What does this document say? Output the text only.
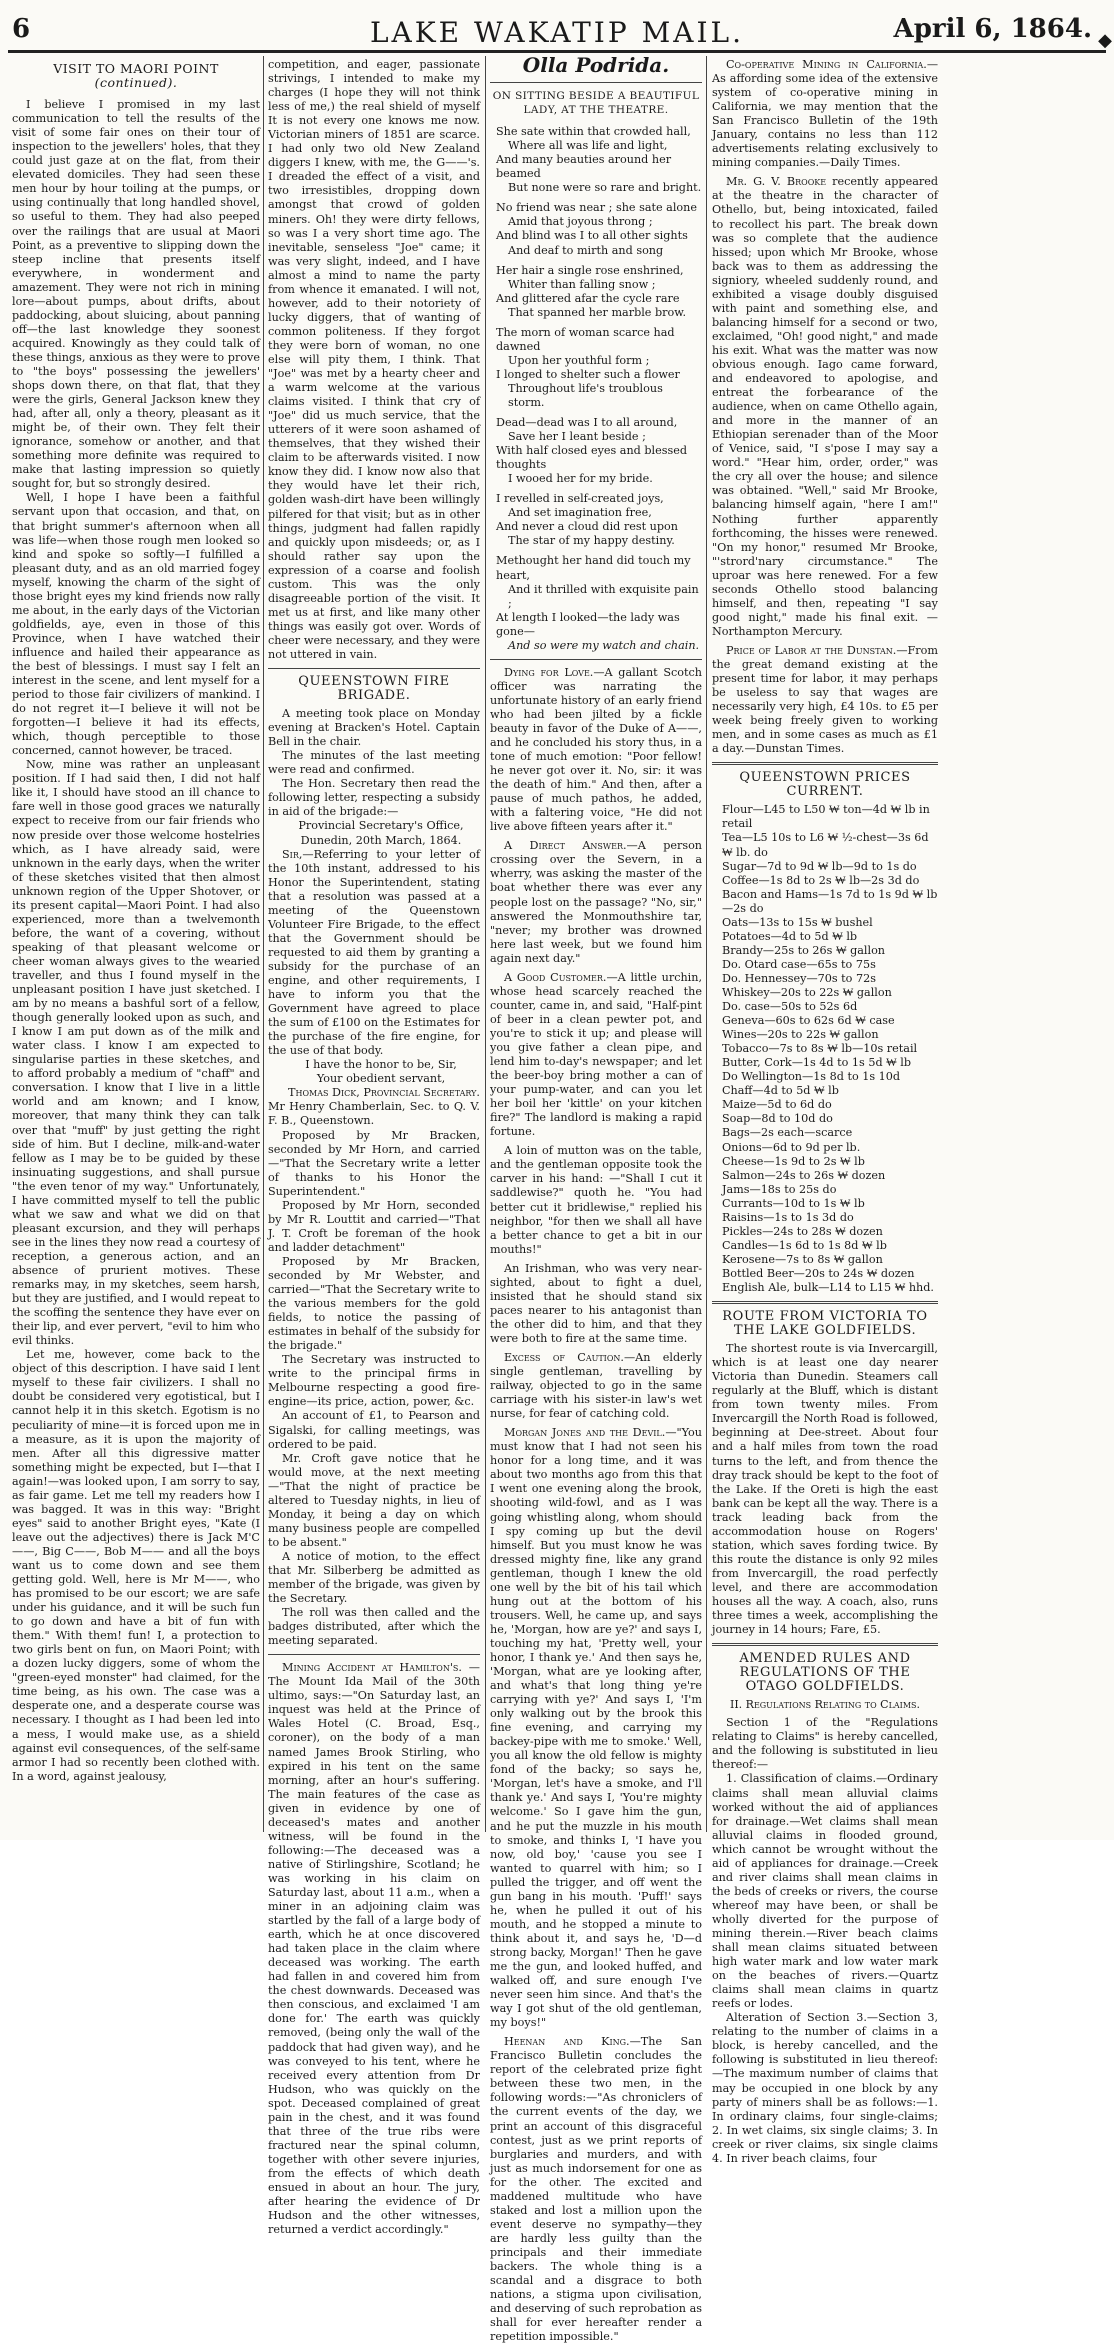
6	LAKE WAKATIP MAIL.	April 6, 1864.
VISIT TO MAORI POINT (continued).

I believe I promised in my last communication to tell the results of the visit of some fair ones on their tour of inspection to the jewellers' holes, that they could just gaze at on the flat, from their elevated domiciles. They had seen these men hour by hour toiling at the pumps, or using continually that long handled shovel, so useful to them. They had also peeped over the railings that are usual at Maori Point, as a preventive to slipping down the steep incline that presents itself everywhere, in wonderment and amazement. They were not rich in mining lore—about pumps, about drifts, about paddocking, about sluicing, about panning off—the last knowledge they soonest acquired. Knowingly as they could talk of these things, anxious as they were to prove to "the boys" possessing the jewellers' shops down there, on that flat, that they were the girls, General Jackson knew they had, after all, only a theory, pleasant as it might be, of their own. They felt their ignorance, somehow or another, and that something more definite was required to make that lasting impression so quietly sought for, but so strongly desired.

Well, I hope I have been a faithful servant upon that occasion, and that, on that bright summer's afternoon when all was life—when those rough men looked so kind and spoke so softly—I fulfilled a pleasant duty, and as an old married fogey myself, knowing the charm of the sight of those bright eyes my kind friends now rally me about, in the early days of the Victorian goldfields, aye, even in those of this Province, when I have watched their influence and hailed their appearance as the best of blessings. I must say I felt an interest in the scene, and lent myself for a period to those fair civilizers of mankind. I do not regret it—I believe it will not be forgotten—I believe it had its effects, which, though perceptible to those concerned, cannot however, be traced.

Now, mine was rather an unpleasant position. If I had said then, I did not half like it, I should have stood an ill chance to fare well in those good graces we naturally expect to receive from our fair friends who now preside over those welcome hostelries which, as I have already said, were unknown in the early days, when the writer of these sketches visited that then almost unknown region of the Upper Shotover, or its present capital—Maori Point. I had also experienced, more than a twelvemonth before, the want of a covering, without speaking of that pleasant welcome or cheer woman always gives to the wearied traveller, and thus I found myself in the unpleasant position I have just sketched. I am by no means a bashful sort of a fellow, though generally looked upon as such, and I know I am put down as of the milk and water class. I know I am expected to singularise parties in these sketches, and to afford probably a medium of "chaff" and conversation. I know that I live in a little world and am known; and I know, moreover, that many think they can talk over that "muff" by just getting the right side of him. But I decline, milk-and-water fellow as I may be to be guided by these insinuating suggestions, and shall pursue "the even tenor of my way." Unfortunately, I have committed myself to tell the public what we saw and what we did on that pleasant excursion, and they will perhaps see in the lines they now read a courtesy of reception, a generous action, and an absence of prurient motives. These remarks may, in my sketches, seem harsh, but they are justified, and I would repeat to the scoffing the sentence they have ever on their lip, and ever pervert, "evil to him who evil thinks.

Let me, however, come back to the object of this description. I have said I lent myself to these fair civilizers. I shall no doubt be considered very egotistical, but I cannot help it in this sketch. Egotism is no peculiarity of mine—it is forced upon me in a measure, as it is upon the majority of men. After all this digressive matter something might be expected, but I—that I again!—was looked upon, I am sorry to say, as fair game. Let me tell my readers how I was bagged. It was in this way: "Bright eyes" said to another Bright eyes, "Kate (I leave out the adjectives) there is Jack M'C——, Big C——, Bob M—— and all the boys want us to come down and see them getting gold. Well, here is Mr M——, who has promised to be our escort; we are safe under his guidance, and it will be such fun to go down and have a bit of fun with them." With them! fun! I, a protection to two girls bent on fun, on Maori Point; with a dozen lucky diggers, some of whom the "green-eyed monster" had claimed, for the time being, as his own. The case was a desperate one, and a desperate course was necessary. I thought as I had been led into a mess, I would make use, as a shield against evil consequences, of the self-same armor I had so recently been clothed with. In a word, against jealousy,

competition, and eager, passionate strivings, I intended to make my charges (I hope they will not think less of me,) the real shield of myself It is not every one knows me now. Victorian miners of 1851 are scarce. I had only two old New Zealand diggers I knew, with me, the G——'s. I dreaded the effect of a visit, and two irresistibles, dropping down amongst that crowd of golden miners. Oh! they were dirty fellows, so was I a very short time ago. The inevitable, senseless "Joe" came; it was very slight, indeed, and I have almost a mind to name the party from whence it emanated. I will not, however, add to their notoriety of lucky diggers, that of wanting of common politeness. If they forgot they were born of woman, no one else will pity them, I think. That "Joe" was met by a hearty cheer and a warm welcome at the various claims visited. I think that cry of "Joe" did us much service, that the utterers of it were soon ashamed of themselves, that they wished their claim to be afterwards visited. I now know they did. I know now also that they would have let their rich, golden wash-dirt have been willingly pilfered for that visit; but as in other things, judgment had fallen rapidly and quickly upon misdeeds; or, as I should rather say upon the expression of a coarse and foolish custom. This was the only disagreeable portion of the visit. It met us at first, and like many other things was easily got over. Words of cheer were necessary, and they were not uttered in vain.

QUEENSTOWN FIRE BRIGADE.

A meeting took place on Monday evening at Bracken's Hotel. Captain Bell in the chair.

The minutes of the last meeting were read and confirmed.

The Hon. Secretary then read the following letter, respecting a subsidy in aid of the brigade:—

Provincial Secretary's Office,

Dunedin, 20th March, 1864.

Sir,—Referring to your letter of the 10th instant, addressed to his Honor the Superintendent, stating that a resolution was passed at a meeting of the Queenstown Volunteer Fire Brigade, to the effect that the Government should be requested to aid them by granting a subsidy for the purchase of an engine, and other requirements, I have to inform you that the Government have agreed to place the sum of £100 on the Estimates for the purchase of the fire engine, for the use of that body.

I have the honor to be, Sir,

Your obedient servant,

Thomas Dick, Provincial Secretary.

Mr Henry Chamberlain, Sec. to Q. V. F. B., Queenstown.

Proposed by Mr Bracken, seconded by Mr Horn, and carried—"That the Secretary write a letter of thanks to his Honor the Superintendent."

Proposed by Mr Horn, seconded by Mr R. Louttit and carried—"That J. T. Croft be foreman of the hook and ladder detachment"

Proposed by Mr Bracken, seconded by Mr Webster, and carried—"That the Secretary write to the various members for the gold fields, to notice the passing of estimates in behalf of the subsidy for the brigade."

The Secretary was instructed to write to the principal firms in Melbourne respecting a good fire-engine—its price, action, power, &c.

An account of £1, to Pearson and Sigalski, for calling meetings, was ordered to be paid.

Mr. Croft gave notice that he would move, at the next meeting—"That the night of practice be altered to Tuesday nights, in lieu of Monday, it being a day on which many business people are compelled to be absent."

A notice of motion, to the effect that Mr. Silberberg be admitted as member of the brigade, was given by the Secretary.

The roll was then called and the badges distributed, after which the meeting separated.

Mining Accident at Hamilton's. — The Mount Ida Mail of the 30th ultimo, says:—"On Saturday last, an inquest was held at the Prince of Wales Hotel (C. Broad, Esq., coroner), on the body of a man named James Brook Stirling, who expired in his tent on the same morning, after an hour's suffering. The main features of the case as given in evidence by one of deceased's mates and another witness, will be found in the following:—The deceased was a native of Stirlingshire, Scotland; he was working in his claim on Saturday last, about 11 a.m., when a miner in an adjoining claim was startled by the fall of a large body of earth, which he at once discovered had taken place in the claim where deceased was working. The earth had fallen in and covered him from the chest downwards. Deceased was then conscious, and exclaimed 'I am done for.' The earth was quickly removed, (being only the wall of the paddock that had given way), and he was conveyed to his tent, where he received every attention from Dr Hudson, who was quickly on the spot. Deceased complained of great pain in the chest, and it was found that three of the true ribs were fractured near the spinal column, together with other severe injuries, from the effects of which death ensued in about an hour. The jury, after hearing the evidence of Dr Hudson and the other witnesses, returned a verdict accordingly."

Olla Podrida.
ON SITTING BESIDE A BEAUTIFUL LADY, AT THE THEATRE.

She sate within that crowded hall,

Where all was life and light,

And many beauties around her beamed

But none were so rare and bright.

No friend was near ; she sate alone

Amid that joyous throng ;

And blind was I to all other sights

And deaf to mirth and song

Her hair a single rose enshrined,

Whiter than falling snow ;

And glittered afar the cycle rare

That spanned her marble brow.

The morn of woman scarce had dawned

Upon her youthful form ;

I longed to shelter such a flower

Throughout life's troublous storm.

Dead—dead was I to all around,

Save her I leant beside ;

With half closed eyes and blessed thoughts

I wooed her for my bride.

I revelled in self-created joys,

And set imagination free,

And never a cloud did rest upon

The star of my happy destiny.

Methought her hand did touch my heart,

And it thrilled with exquisite pain ;

At length I looked—the lady was gone—

And so were my watch and chain.

Dying for Love.—A gallant Scotch officer was narrating the unfortunate history of an early friend who had been jilted by a fickle beauty in favor of the Duke of A——, and he concluded his story thus, in a tone of much emotion: "Poor fellow! he never got over it. No, sir: it was the death of him." And then, after a pause of much pathos, he added, with a faltering voice, "He did not live above fifteen years after it."

A Direct Answer.—A person crossing over the Severn, in a wherry, was asking the master of the boat whether there was ever any people lost on the passage? "No, sir," answered the Monmouthshire tar, "never; my brother was drowned here last week, but we found him again next day."

A Good Customer.—A little urchin, whose head scarcely reached the counter, came in, and said, "Half-pint of beer in a clean pewter pot, and you're to stick it up; and please will you give father a clean pipe, and lend him to-day's newspaper; and let the beer-boy bring mother a can of your pump-water, and can you let her boil her 'kittle' on your kitchen fire?" The landlord is making a rapid fortune.

A loin of mutton was on the table, and the gentleman opposite took the carver in his hand: —"Shall I cut it saddlewise?" quoth he. "You had better cut it bridlewise," replied his neighbor, "for then we shall all have a better chance to get a bit in our mouths!"

An Irishman, who was very near-sighted, about to fight a duel, insisted that he should stand six paces nearer to his antagonist than the other did to him, and that they were both to fire at the same time.

Excess of Caution.—An elderly single gentleman, travelling by railway, objected to go in the same carriage with his sister-in law's wet nurse, for fear of catching cold.

Morgan Jones and the Devil.—"You must know that I had not seen his honor for a long time, and it was about two months ago from this that I went one evening along the brook, shooting wild-fowl, and as I was going whistling along, whom should I spy coming up but the devil himself. But you must know he was dressed mighty fine, like any grand gentleman, though I knew the old one well by the bit of his tail which hung out at the bottom of his trousers. Well, he came up, and says he, 'Morgan, how are ye?' and says I, touching my hat, 'Pretty well, your honor, I thank ye.' And then says he, 'Morgan, what are ye looking after, and what's that long thing ye're carrying with ye?' And says I, 'I'm only walking out by the brook this fine evening, and carrying my backey-pipe with me to smoke.' Well, you all know the old fellow is mighty fond of the backy; so says he, 'Morgan, let's have a smoke, and I'll thank ye.' And says I, 'You're mighty welcome.' So I gave him the gun, and he put the muzzle in his mouth to smoke, and thinks I, 'I have you now, old boy,' 'cause you see I wanted to quarrel with him; so I pulled the trigger, and off went the gun bang in his mouth. 'Puff!' says he, when he pulled it out of his mouth, and he stopped a minute to think about it, and says he, 'D—d strong backy, Morgan!' Then he gave me the gun, and looked huffed, and walked off, and sure enough I've never seen him since. And that's the way I got shut of the old gentleman, my boys!"

Heenan and King.—The San Francisco Bulletin concludes the report of the celebrated prize fight between these two men, in the following words:—"As chroniclers of the current events of the day, we print an account of this disgraceful contest, just as we print reports of burglaries and murders, and with just as much indorsement for one as for the other. The excited and maddened multitude who have staked and lost a million upon the event deserve no sympathy—they are hardly less guilty than the principals and their immediate backers. The whole thing is a scandal and a disgrace to both nations, a stigma upon civilisation, and deserving of such reprobation as shall for ever hereafter render a repetition impossible."

Co-operative Mining in California.—As affording some idea of the extensive system of co-operative mining in California, we may mention that the San Francisco Bulletin of the 19th January, contains no less than 112 advertisements relating exclusively to mining companies.—Daily Times.

Mr. G. V. Brooke recently appeared at the theatre in the character of Othello, but, being intoxicated, failed to recollect his part. The break down was so complete that the audience hissed; upon which Mr Brooke, whose back was to them as addressing the signiory, wheeled suddenly round, and exhibited a visage doubly disguised with paint and something else, and balancing himself for a second or two, exclaimed, "Oh! good night," and made his exit. What was the matter was now obvious enough. Iago came forward, and endeavored to apologise, and entreat the forbearance of the audience, when on came Othello again, and more in the manner of an Ethiopian serenader than of the Moor of Venice, said, "I s'pose I may say a word." "Hear him, order, order," was the cry all over the house; and silence was obtained. "Well," said Mr Brooke, balancing himself again, "here I am!" Nothing further apparently forthcoming, the hisses were renewed. "On my honor," resumed Mr Brooke, "'strord'nary circumstance." The uproar was here renewed. For a few seconds Othello stood balancing himself, and then, repeating "I say good night," made his final exit. —Northampton Mercury.

Price of Labor at the Dunstan.—From the great demand existing at the present time for labor, it may perhaps be useless to say that wages are necessarily very high, £4 10s. to £5 per week being freely given to working men, and in some cases as much as £1 a day.—Dunstan Times.

QUEENSTOWN PRICES CURRENT.

Flour—L45 to L50 ₩ ton—4d ₩ lb in retail

Tea—L5 10s to L6 ₩ ½-chest—3s 6d ₩ lb. do

Sugar—7d to 9d ₩ lb—9d to 1s do

Coffee—1s 8d to 2s ₩ lb—2s 3d do

Bacon and Hams—1s 7d to 1s 9d ₩ lb—2s do

Oats—13s to 15s ₩ bushel

Potatoes—4d to 5d ₩ lb

Brandy—25s to 26s ₩ gallon

Do. Otard case—65s to 75s

Do. Hennessey—70s to 72s

Whiskey—20s to 22s ₩ gallon

Do. case—50s to 52s 6d

Geneva—60s to 62s 6d ₩ case

Wines—20s to 22s ₩ gallon

Tobacco—7s to 8s ₩ lb—10s retail

Butter, Cork—1s 4d to 1s 5d ₩ lb

Do Wellington—1s 8d to 1s 10d

Chaff—4d to 5d ₩ lb

Maize—5d to 6d do

Soap—8d to 10d do

Bags—2s each—scarce

Onions—6d to 9d per lb.

Cheese—1s 9d to 2s ₩ lb

Salmon—24s to 26s ₩ dozen

Jams—18s to 25s do

Currants—10d to 1s ₩ lb

Raisins—1s to 1s 3d do

Pickles—24s to 28s ₩ dozen

Candles—1s 6d to 1s 8d ₩ lb

Kerosene—7s to 8s ₩ gallon

Bottled Beer—20s to 24s ₩ dozen

English Ale, bulk—L14 to L15 ₩ hhd.

ROUTE FROM VICTORIA TO THE LAKE GOLDFIELDS.

The shortest route is via Invercargill, which is at least one day nearer Victoria than Dunedin. Steamers call regularly at the Bluff, which is distant from town twenty miles. From Invercargill the North Road is followed, beginning at Dee-street. About four and a half miles from town the road turns to the left, and from thence the dray track should be kept to the foot of the Lake. If the Oreti is high the east bank can be kept all the way. There is a track leading back from the accommodation house on Rogers' station, which saves fording twice. By this route the distance is only 92 miles from Invercargill, the road perfectly level, and there are accommodation houses all the way. A coach, also, runs three times a week, accomplishing the journey in 14 hours; Fare, £5.

AMENDED RULES AND REGULATIONS OF THE OTAGO GOLDFIELDS.
II. Regulations Relating to Claims.

Section 1 of the "Regulations relating to Claims" is hereby cancelled, and the following is substituted in lieu thereof:—

1. Classification of claims.—Ordinary claims shall mean alluvial claims worked without the aid of appliances for drainage.—Wet claims shall mean alluvial claims in flooded ground, which cannot be wrought without the aid of appliances for drainage.—Creek and river claims shall mean claims in the beds of creeks or rivers, the course whereof may have been, or shall be wholly diverted for the purpose of mining therein.—River beach claims shall mean claims situated between high water mark and low water mark on the beaches of rivers.—Quartz claims shall mean claims in quartz reefs or lodes.

Alteration of Section 3.—Section 3, relating to the number of claims in a block, is hereby cancelled, and the following is substituted in lieu thereof:—The maximum number of claims that may be occupied in one block by any party of miners shall be as follows:—1. In ordinary claims, four single-claims; 2. In wet claims, six single claims; 3. In creek or river claims, six single claims 4. In river beach claims, four

◆
